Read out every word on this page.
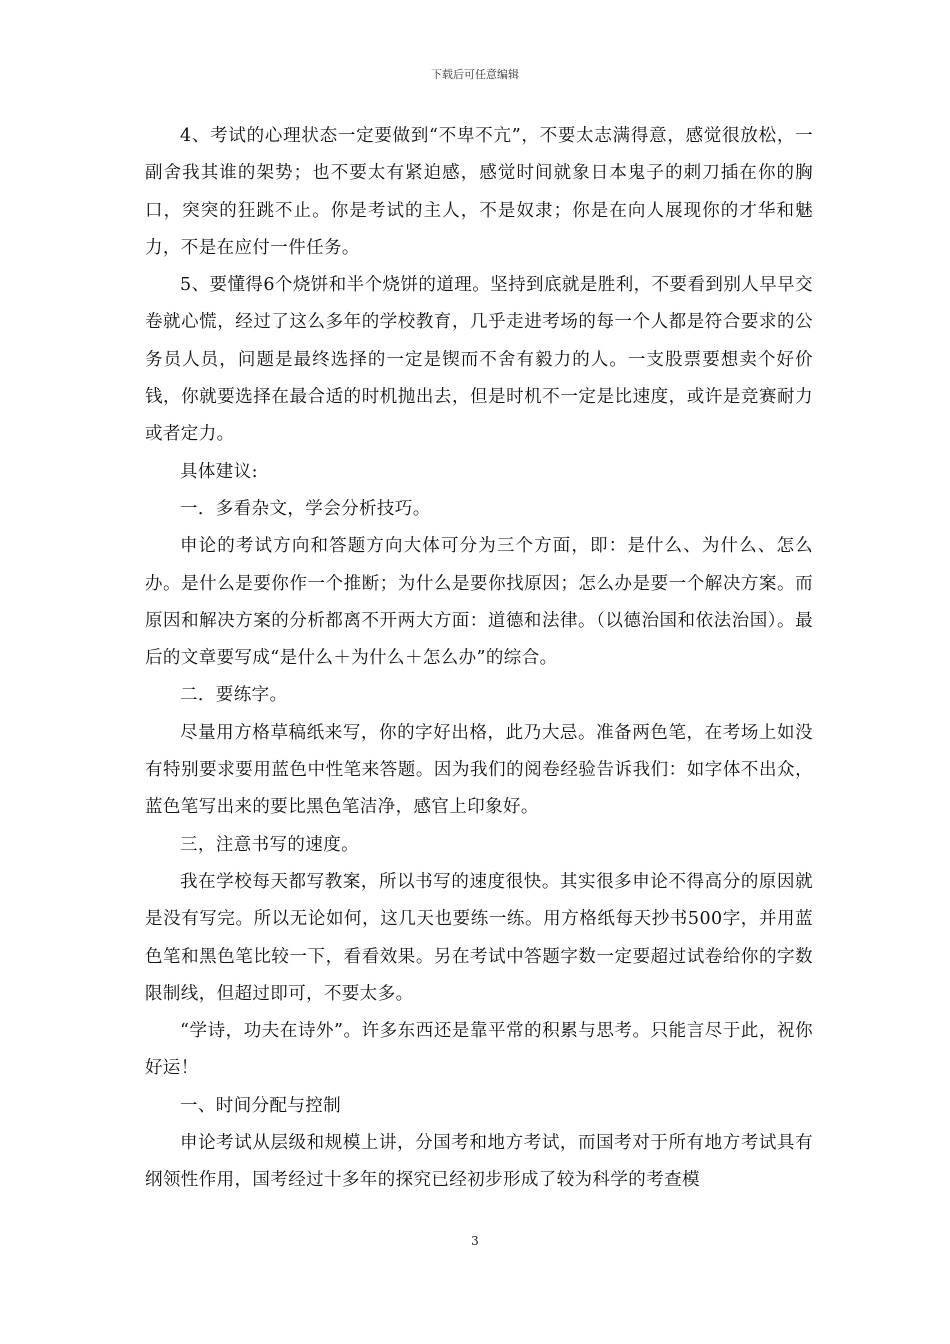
下载后可任意编辑

4、考试的心理状态一定要做到“不卑不亢”，不要太志满得意，感觉很放松，一副舍我其谁的架势；也不要太有紧迫感，感觉时间就象日本鬼子的刺刀插在你的胸口，突突的狂跳不止。你是考试的主人，不是奴隶；你是在向人展现你的才华和魅力，不是在应付一件任务。

5、要懂得6个烧饼和半个烧饼的道理。坚持到底就是胜利，不要看到别人早早交卷就心慌，经过了这么多年的学校教育，几乎走进考场的每一个人都是符合要求的公务员人员，问题是最终选择的一定是锲而不舍有毅力的人。一支股票要想卖个好价钱，你就要选择在最合适的时机抛出去，但是时机不一定是比速度，或许是竞赛耐力或者定力。

具体建议:

一．多看杂文，学会分析技巧。

申论的考试方向和答题方向大体可分为三个方面，即：是什么、为什么、怎么办。是什么是要你作一个推断；为什么是要你找原因；怎么办是要一个解决方案。而原因和解决方案的分析都离不开两大方面：道德和法律。（以德治国和依法治国）。最后的文章要写成“是什么＋为什么＋怎么办”的综合。

二．要练字。

尽量用方格草稿纸来写，你的字好出格，此乃大忌。准备两色笔，在考场上如没有特别要求要用蓝色中性笔来答题。因为我们的阅卷经验告诉我们：如字体不出众，蓝色笔写出来的要比黑色笔洁净，感官上印象好。

三，注意书写的速度。

我在学校每天都写教案，所以书写的速度很快。其实很多申论不得高分的原因就是没有写完。所以无论如何，这几天也要练一练。用方格纸每天抄书500字，并用蓝色笔和黑色笔比较一下，看看效果。另在考试中答题字数一定要超过试卷给你的字数限制线，但超过即可，不要太多。

“学诗，功夫在诗外”。许多东西还是靠平常的积累与思考。只能言尽于此，祝你好运！

一、时间分配与控制

申论考试从层级和规模上讲，分国考和地方考试，而国考对于所有地方考试具有纲领性作用，国考经过十多年的探究已经初步形成了较为科学的考查模

3
